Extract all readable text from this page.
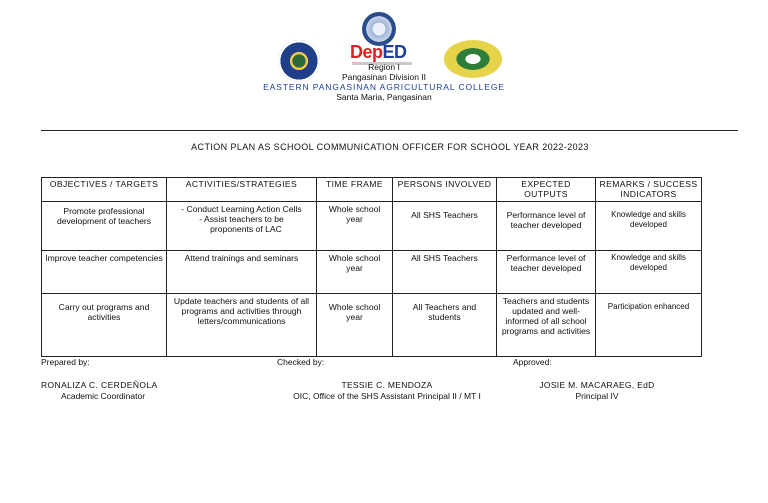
DepED
Region I
Pangasinan Division II
EASTERN PANGASINAN AGRICULTURAL COLLEGE
Santa Maria, Pangasinan
ACTION PLAN AS SCHOOL COMMUNICATION OFFICER FOR SCHOOL YEAR 2022-2023
OBJECTIVES / TARGETS	ACTIVITIES/STRATEGIES	TIME FRAME	PERSONS INVOLVED	EXPECTED OUTPUTS	REMARKS / SUCCESS INDICATORS
Promote professional development of teachers	- Conduct Learning Action Cells
- Assist teachers to be
proponents of LAC	Whole school year	All SHS Teachers	Performance level of teacher developed	Knowledge and skills developed
Improve teacher competencies	Attend trainings and seminars	Whole school year	All SHS Teachers	Performance level of teacher developed	Knowledge and skills developed
Carry out programs and activities	Update teachers and students of all programs and activities through letters/communications	Whole school year	All Teachers and students	Teachers and students updated and well-informed of all school programs and activities	Participation enhanced
Prepared by:	Checked by:	Approved:
RONALIZA C. CERDEÑOLA
Academic Coordinator
TESSIE C. MENDOZA
OIC, Office of the SHS Assistant Principal II / MT I
JOSIE M. MACARAEG, EdD
Principal IV
